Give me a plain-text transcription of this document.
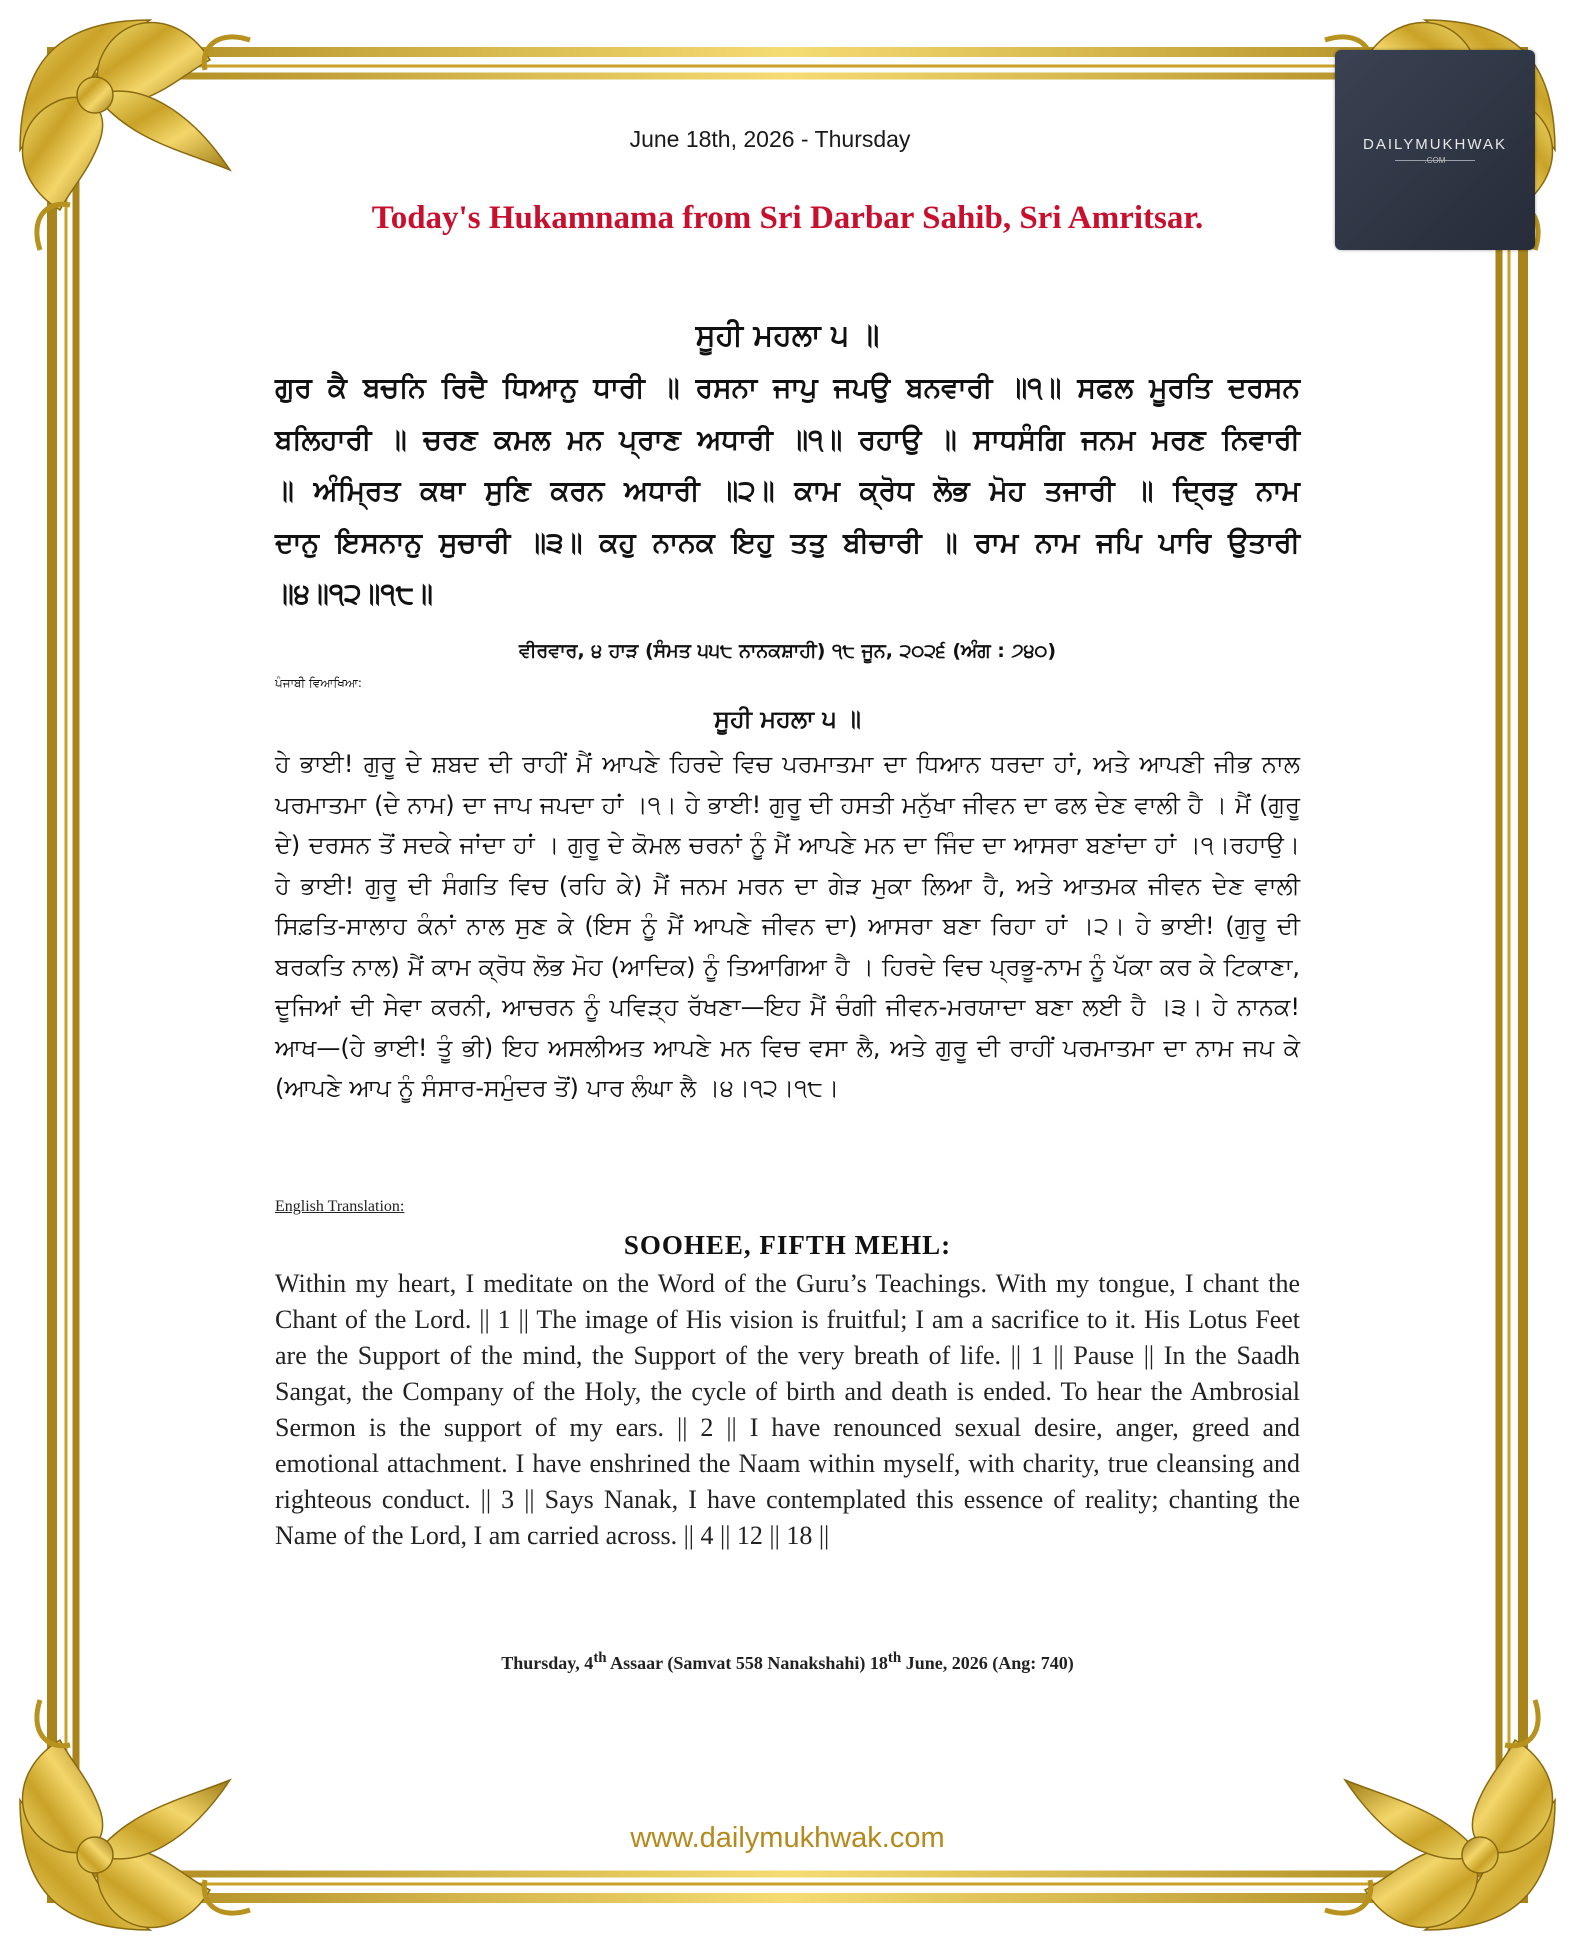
DAILYMUKHWAK
.COM
June 18th, 2026 - Thursday
Today's Hukamnama from Sri Darbar Sahib, Sri Amritsar.
ਸੂਹੀ ਮਹਲਾ ੫ ॥
ਗੁਰ ਕੈ ਬਚਨਿ ਰਿਦੈ ਧਿਆਨੁ ਧਾਰੀ ॥ ਰਸਨਾ ਜਾਪੁ ਜਪਉ ਬਨਵਾਰੀ ॥੧॥ ਸਫਲ ਮੂਰਤਿ ਦਰਸਨ ਬਲਿਹਾਰੀ ॥ ਚਰਣ ਕਮਲ ਮਨ ਪ੍ਰਾਣ ਅਧਾਰੀ ॥੧॥ ਰਹਾਉ ॥ ਸਾਧਸੰਗਿ ਜਨਮ ਮਰਣ ਨਿਵਾਰੀ ॥ ਅੰਮ੍ਰਿਤ ਕਥਾ ਸੁਣਿ ਕਰਨ ਅਧਾਰੀ ॥੨॥ ਕਾਮ ਕ੍ਰੋਧ ਲੋਭ ਮੋਹ ਤਜਾਰੀ ॥ ਦ੍ਰਿੜੁ ਨਾਮ ਦਾਨੁ ਇਸਨਾਨੁ ਸੁਚਾਰੀ ॥੩॥ ਕਹੁ ਨਾਨਕ ਇਹੁ ਤਤੁ ਬੀਚਾਰੀ ॥ ਰਾਮ ਨਾਮ ਜਪਿ ਪਾਰਿ ਉਤਾਰੀ ॥੪॥੧੨॥੧੮॥
ਵੀਰਵਾਰ, ੪ ਹਾੜ (ਸੰਮਤ ੫੫੮ ਨਾਨਕਸ਼ਾਹੀ) ੧੮ ਜੂਨ, ੨੦੨੬ (ਅੰਗ : ੭੪੦)
ਪੰਜਾਬੀ ਵਿਆਖਿਆ:
ਸੂਹੀ ਮਹਲਾ ੫ ॥
ਹੇ ਭਾਈ! ਗੁਰੂ ਦੇ ਸ਼ਬਦ ਦੀ ਰਾਹੀਂ ਮੈਂ ਆਪਣੇ ਹਿਰਦੇ ਵਿਚ ਪਰਮਾਤਮਾ ਦਾ ਧਿਆਨ ਧਰਦਾ ਹਾਂ, ਅਤੇ ਆਪਣੀ ਜੀਭ ਨਾਲ ਪਰਮਾਤਮਾ (ਦੇ ਨਾਮ) ਦਾ ਜਾਪ ਜਪਦਾ ਹਾਂ ।੧। ਹੇ ਭਾਈ! ਗੁਰੂ ਦੀ ਹਸਤੀ ਮਨੁੱਖਾ ਜੀਵਨ ਦਾ ਫਲ ਦੇਣ ਵਾਲੀ ਹੈ । ਮੈਂ (ਗੁਰੂ ਦੇ) ਦਰਸਨ ਤੋਂ ਸਦਕੇ ਜਾਂਦਾ ਹਾਂ । ਗੁਰੂ ਦੇ ਕੋਮਲ ਚਰਨਾਂ ਨੂੰ ਮੈਂ ਆਪਣੇ ਮਨ ਦਾ ਜਿੰਦ ਦਾ ਆਸਰਾ ਬਣਾਂਦਾ ਹਾਂ ।੧।ਰਹਾਉ। ਹੇ ਭਾਈ! ਗੁਰੂ ਦੀ ਸੰਗਤਿ ਵਿਚ (ਰਹਿ ਕੇ) ਮੈਂ ਜਨਮ ਮਰਨ ਦਾ ਗੇੜ ਮੁਕਾ ਲਿਆ ਹੈ, ਅਤੇ ਆਤਮਕ ਜੀਵਨ ਦੇਣ ਵਾਲੀ ਸਿਫ਼ਤਿ-ਸਾਲਾਹ ਕੰਨਾਂ ਨਾਲ ਸੁਣ ਕੇ (ਇਸ ਨੂੰ ਮੈਂ ਆਪਣੇ ਜੀਵਨ ਦਾ) ਆਸਰਾ ਬਣਾ ਰਿਹਾ ਹਾਂ ।੨। ਹੇ ਭਾਈ! (ਗੁਰੂ ਦੀ ਬਰਕਤਿ ਨਾਲ) ਮੈਂ ਕਾਮ ਕ੍ਰੋਧ ਲੋਭ ਮੋਹ (ਆਦਿਕ) ਨੂੰ ਤਿਆਗਿਆ ਹੈ । ਹਿਰਦੇ ਵਿਚ ਪ੍ਰਭੂ-ਨਾਮ ਨੂੰ ਪੱਕਾ ਕਰ ਕੇ ਟਿਕਾਣਾ, ਦੂਜਿਆਂ ਦੀ ਸੇਵਾ ਕਰਨੀ, ਆਚਰਨ ਨੂੰ ਪਵਿੜ੍ਹ ਰੱਖਣਾ—ਇਹ ਮੈਂ ਚੰਗੀ ਜੀਵਨ-ਮਰਯਾਦਾ ਬਣਾ ਲਈ ਹੈ ।੩। ਹੇ ਨਾਨਕ! ਆਖ—(ਹੇ ਭਾਈ! ਤੂੰ ਭੀ) ਇਹ ਅਸਲੀਅਤ ਆਪਣੇ ਮਨ ਵਿਚ ਵਸਾ ਲੈ, ਅਤੇ ਗੁਰੂ ਦੀ ਰਾਹੀਂ ਪਰਮਾਤਮਾ ਦਾ ਨਾਮ ਜਪ ਕੇ (ਆਪਣੇ ਆਪ ਨੂੰ ਸੰਸਾਰ-ਸਮੁੰਦਰ ਤੋਂ) ਪਾਰ ਲੰਘਾ ਲੈ ।੪।੧੨।੧੮।
English Translation:
SOOHEE, FIFTH MEHL:
Within my heart, I meditate on the Word of the Guru’s Teachings. With my tongue, I chant the Chant of the Lord. || 1 || The image of His vision is fruitful; I am a sacrifice to it. His Lotus Feet are the Support of the mind, the Support of the very breath of life. || 1 || Pause || In the Saadh Sangat, the Company of the Holy, the cycle of birth and death is ended. To hear the Ambrosial Sermon is the support of my ears. || 2 || I have renounced sexual desire, anger, greed and emotional attachment. I have enshrined the Naam within myself, with charity, true cleansing and righteous conduct. || 3 || Says Nanak, I have contemplated this essence of reality; chanting the Name of the Lord, I am carried across. || 4 || 12 || 18 ||
Thursday, 4th Assaar (Samvat 558 Nanakshahi) 18th June, 2026 (Ang: 740)
www.dailymukhwak.com
